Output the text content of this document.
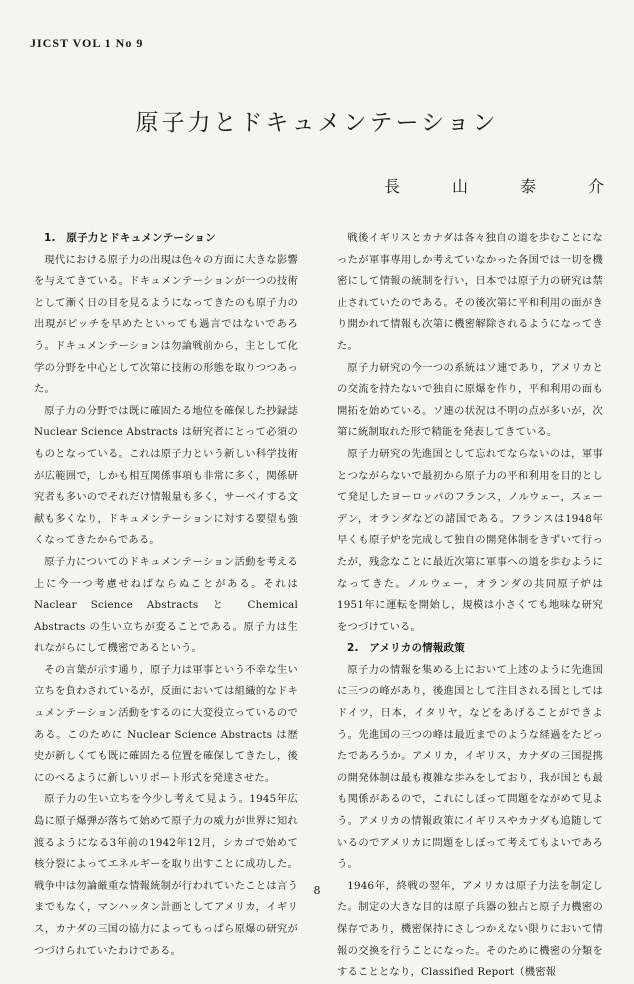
JICST VOL 1 No 9
原子力とドキュメンテーション
長	山	泰	介
1.　原子力とドキュメンテーション

現代における原子力の出現は色々の方面に大きな影響を与えてきている。ドキュメンテーションが一つの技術として漸く日の目を見るようになってきたのも原子力の出現がピッチを早めたといっても過言ではないであろう。ドキュメンテーションは勿論戦前から，主として化学の分野を中心として次第に技術の形態を取りつつあった。

原子力の分野では既に確固たる地位を確保した抄録誌 Nuclear Science Abstracts は研究者にとって必須のものとなっている。これは原子力という新しい科学技術が広範囲で，しかも相互関係事項も非常に多く，関係研究者も多いのでそれだけ情報量も多く，サーベイする文献も多くなり，ドキュメンテーションに対する要望も強くなってきたからである。

原子力についてのドキュメンテーション活動を考える上に今一つ考慮せねばならぬことがある。それは Naclear Science Abstracts と Chemical Abstracts の生い立ちが変ることである。原子力は生れながらにして機密であるという。

その言葉が示す通り，原子力は軍事という不幸な生い立ちを負わされているが，反面においては組織的なドキュメンテーション活動をするのに大変役立っているのである。このために Nuclear Science Abstracts は歴史が新しくても既に確固たる位置を確保してきたし，後にのべるように新しいリポート形式を発達させた。

原子力の生い立ちを今少し考えて見よう。1945年広島に原子爆弾が落ちて始めて原子力の威力が世界に知れ渡るようになる3年前の1942年12月，シカゴで始めて核分裂によってエネルギーを取り出すことに成功した。戦争中は勿論厳重な情報統制が行われていたことは言うまでもなく，マンハッタン計画としてアメリカ，イギリス，カナダの三国の協力によってもっぱら原爆の研究がつづけられていたわけである。

戦後イギリスとカナダは各々独自の道を歩むことになったが軍事専用しか考えていなかった各国では一切を機密にして情報の統制を行い，日本では原子力の研究は禁止されていたのである。その後次第に平和利用の面がきり開かれて情報も次第に機密解除されるようになってきた。

原子力研究の今一つの系統はソ連であり，アメリカとの交流を持たないで独自に原爆を作り，平和利用の面も開拓を始めている。ソ連の状況は不明の点が多いが，次第に統制取れた形で精能を発表してきている。

原子力研究の先進国として忘れてならないのは，軍事とつながらないで最初から原子力の平和利用を目的として発足したヨーロッパのフランス，ノルウェー，スェーデン，オランダなどの諸国である。フランスは1948年早くも原子炉を完成して独自の開発体制をきずいて行ったが，残念なことに最近次第に軍事への道を歩むようになってきた。ノルウェー，オランダの共同原子炉は1951年に運転を開始し，規模は小さくても地味な研究をつづけている。

2.　アメリカの情報政策

原子力の情報を集める上において上述のように先進国に三つの峰があり，後進国として注目される国としてはドイツ，日本，イタリヤ，などをあげることができよう。先進国の三つの峰は最近までのような経過をたどったであろうか。アメリカ，イギリス，カナダの三国提携の開発体制は最も複雑な歩みをしており，我が国とも最も関係があるので，これにしぼって問題をながめて見よう。アメリカの情報政策にイギリスやカナダも追随しているのでアメリカに問題をしぼって考えてもよいであろう。

1946年，終戦の翌年，アメリカは原子力法を制定した。制定の大きな目的は原子兵器の独占と原子力機密の保存であり，機密保持にさしつかえない限りにおいて情報の交換を行うことになった。そのために機密の分類をすることとなり，Classified Report（機密報

8
